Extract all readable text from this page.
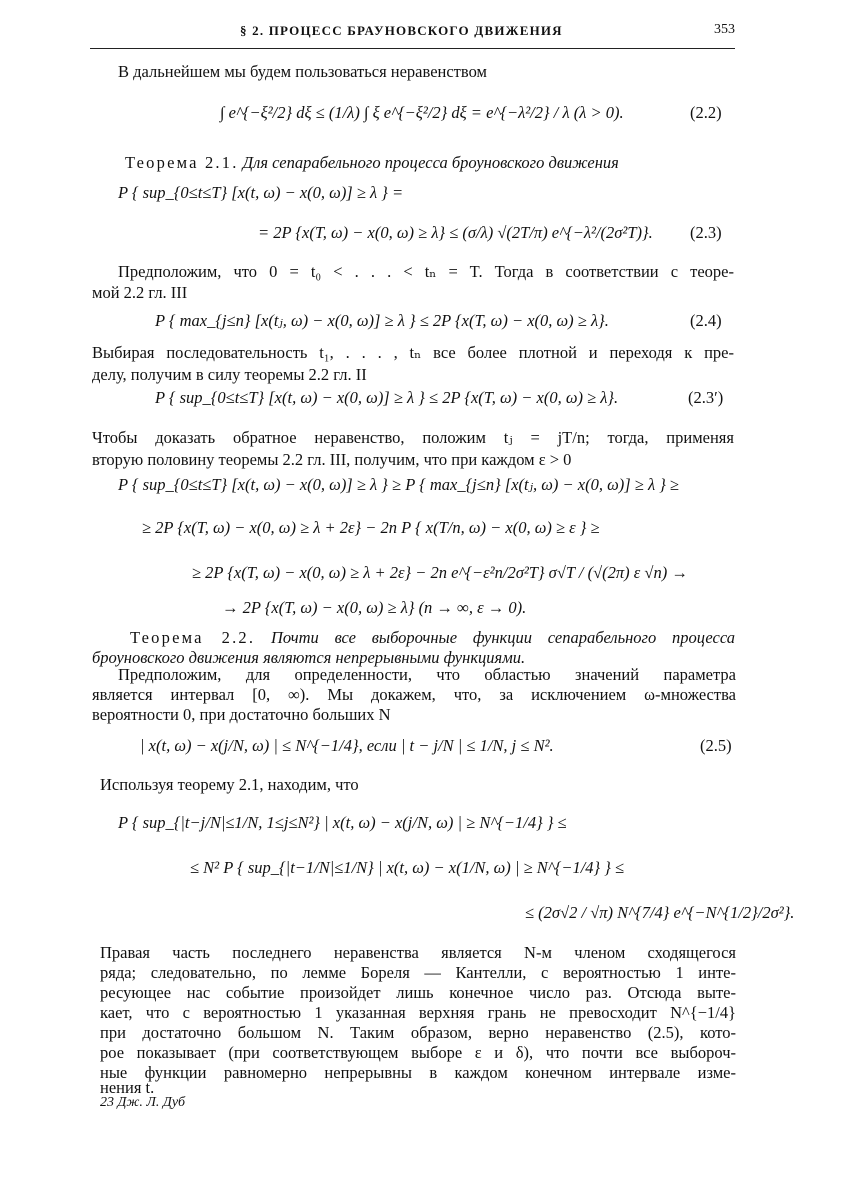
§ 2. ПРОЦЕСС БРАУНОВСКОГО ДВИЖЕНИЯ	353
В дальнейшем мы будем пользоваться неравенством
∫ e^{−ξ²/2} dξ ≤ (1/λ) ∫ ξ e^{−ξ²/2} dξ = e^{−λ²/2} / λ (λ > 0).	(2.2)
Теорема 2.1. Для сепарабельного процесса броуновского движения
P { sup_{0≤t≤T} [x(t, ω) − x(0, ω)] ≥ λ } =
= 2P {x(T, ω) − x(0, ω) ≥ λ} ≤ (σ/λ) √(2T/π) e^{−λ²/(2σ²T)}. (2.3)
Предположим, что 0 = t₀ < . . . < tₙ = T. Тогда в соответствии с теоре-
мой 2.2 гл. III
P { max_{j≤n} [x(tⱼ, ω) − x(0, ω)] ≥ λ } ≤ 2P {x(T, ω) − x(0, ω) ≥ λ}.	(2.4)
Выбирая последовательность t₁, . . . , tₙ все более плотной и переходя к пре-
делу, получим в силу теоремы 2.2 гл. II
P { sup_{0≤t≤T} [x(t, ω) − x(0, ω)] ≥ λ } ≤ 2P {x(T, ω) − x(0, ω) ≥ λ}.	(2.3′)
Чтобы доказать обратное неравенство, положим tⱼ = jT/n; тогда, применяя
вторую половину теоремы 2.2 гл. III, получим, что при каждом ε > 0
P { sup_{0≤t≤T} [x(t, ω) − x(0, ω)] ≥ λ } ≥ P { max_{j≤n} [x(tⱼ, ω) − x(0, ω)] ≥ λ } ≥
≥ 2P {x(T, ω) − x(0, ω) ≥ λ + 2ε} − 2n P { x(T/n, ω) − x(0, ω) ≥ ε } ≥
≥ 2P {x(T, ω) − x(0, ω) ≥ λ + 2ε} − 2n e^{−ε²n/2σ²T} σ√T / (√(2π) ε √n) →
→ 2P {x(T, ω) − x(0, ω) ≥ λ} (n → ∞, ε → 0).
Теорема 2.2. Почти все выборочные функции сепарабельного процесса
броуновского движения являются непрерывными функциями.
Предположим, для определенности, что областью значений параметра
является интервал [0, ∞). Мы докажем, что, за исключением ω-множества
вероятности 0, при достаточно больших N
| x(t, ω) − x(j/N, ω) | ≤ N^{−1/4}, если | t − j/N | ≤ 1/N, j ≤ N².	(2.5)
Используя теорему 2.1, находим, что
P { sup_{|t−j/N|≤1/N, 1≤j≤N²} | x(t, ω) − x(j/N, ω) | ≥ N^{−1/4} } ≤
≤ N² P { sup_{|t−1/N|≤1/N} | x(t, ω) − x(1/N, ω) | ≥ N^{−1/4} } ≤
≤ (2σ√2 / √π) N^{7/4} e^{−N^{1/2}/2σ²}.
Правая часть последнего неравенства является N-м членом сходящегося
ряда; следовательно, по лемме Бореля — Кантелли, с вероятностью 1 инте-
ресующее нас событие произойдет лишь конечное число раз. Отсюда выте-
кает, что с вероятностью 1 указанная верхняя грань не превосходит N^{−1/4}
при достаточно большом N. Таким образом, верно неравенство (2.5), кото-
рое показывает (при соответствующем выборе ε и δ), что почти все выбороч-
ные функции равномерно непрерывны в каждом конечном интервале изме-
нения t.
23 Дж. Л. Дуб
